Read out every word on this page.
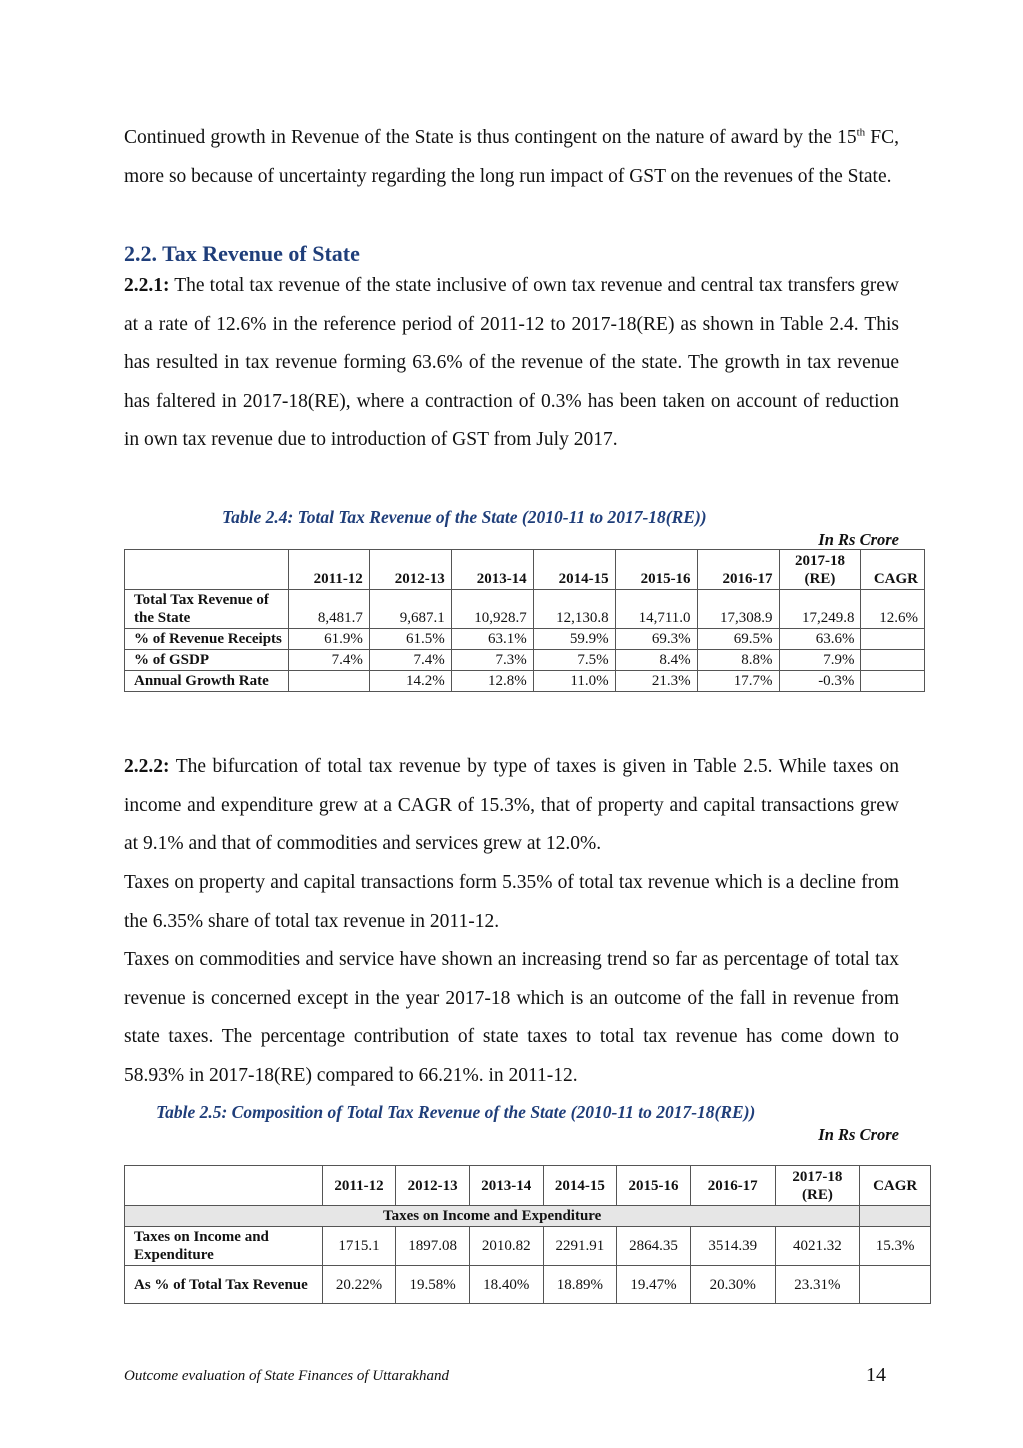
Continued growth in Revenue of the State is thus contingent on the nature of award by the 15th FC, more so because of uncertainty regarding the long run impact of GST on the revenues of the State.

2.2. Tax Revenue of State

2.2.1: The total tax revenue of the state inclusive of own tax revenue and central tax transfers grew at a rate of 12.6% in the reference period of 2011-12 to 2017-18(RE) as shown in Table 2.4. This has resulted in tax revenue forming 63.6% of the revenue of the state. The growth in tax revenue has faltered in 2017-18(RE), where a contraction of 0.3% has been taken on account of reduction in own tax revenue due to introduction of GST from July 2017.

Table 2.4: Total Tax Revenue of the State (2010-11 to 2017-18(RE))

In Rs Crore

	2011-12	2012-13	2013-14	2014-15	2015-16	2016-17	2017-18 (RE)	CAGR
Total Tax Revenue of the State	8,481.7	9,687.1	10,928.7	12,130.8	14,711.0	17,308.9	17,249.8	12.6%
% of Revenue Receipts	61.9%	61.5%	63.1%	59.9%	69.3%	69.5%	63.6%	
% of GSDP	7.4%	7.4%	7.3%	7.5%	8.4%	8.8%	7.9%	
Annual Growth Rate		14.2%	12.8%	11.0%	21.3%	17.7%	-0.3%	

2.2.2: The bifurcation of total tax revenue by type of taxes is given in Table 2.5. While taxes on income and expenditure grew at a CAGR of 15.3%, that of property and capital transactions grew at 9.1% and that of commodities and services grew at 12.0%.

Taxes on property and capital transactions form 5.35% of total tax revenue which is a decline from the 6.35% share of total tax revenue in 2011-12.

Taxes on commodities and service have shown an increasing trend so far as percentage of total tax revenue is concerned except in the year 2017-18 which is an outcome of the fall in revenue from state taxes. The percentage contribution of state taxes to total tax revenue has come down to 58.93% in 2017-18(RE) compared to 66.21%. in 2011-12.

Table 2.5: Composition of Total Tax Revenue of the State (2010-11 to 2017-18(RE))

In Rs Crore

	2011-12	2012-13	2013-14	2014-15	2015-16	2016-17	2017-18 (RE)	CAGR
Taxes on Income and Expenditure								
Taxes on Income and Expenditure	1715.1	1897.08	2010.82	2291.91	2864.35	3514.39	4021.32	15.3%
As % of Total Tax Revenue	20.22%	19.58%	18.40%	18.89%	19.47%	20.30%	23.31%	

Outcome evaluation of State Finances of Uttarakhand	14
